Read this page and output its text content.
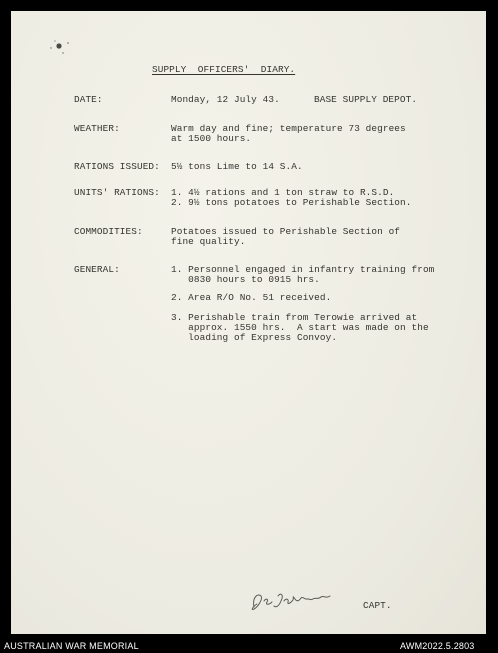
SUPPLY  OFFICERS'  DIARY.
DATE:	Monday, 12 July 43.	BASE SUPPLY DEPOT.
WEATHER:	Warm day and fine; temperature 73 degrees
at 1500 hours.
RATIONS ISSUED: 5½ tons Lime to 14 S.A.
UNITS' RATIONS: 1. 4½ rations and 1 ton straw to R.S.D.
2. 9½ tons potatoes to Perishable Section.
COMMODITIES:	Potatoes issued to Perishable Section of
fine quality.
GENERAL:	1. Personnel engaged in infantry training from
0830 hours to 0915 hrs.
2. Area R/O No. 51 received.
3. Perishable train from Terowie arrived at
approx. 1550 hrs.  A start was made on the
loading of Express Convoy.
CAPT.
AUSTRALIAN WAR MEMORIAL	AWM2022.5.2803
